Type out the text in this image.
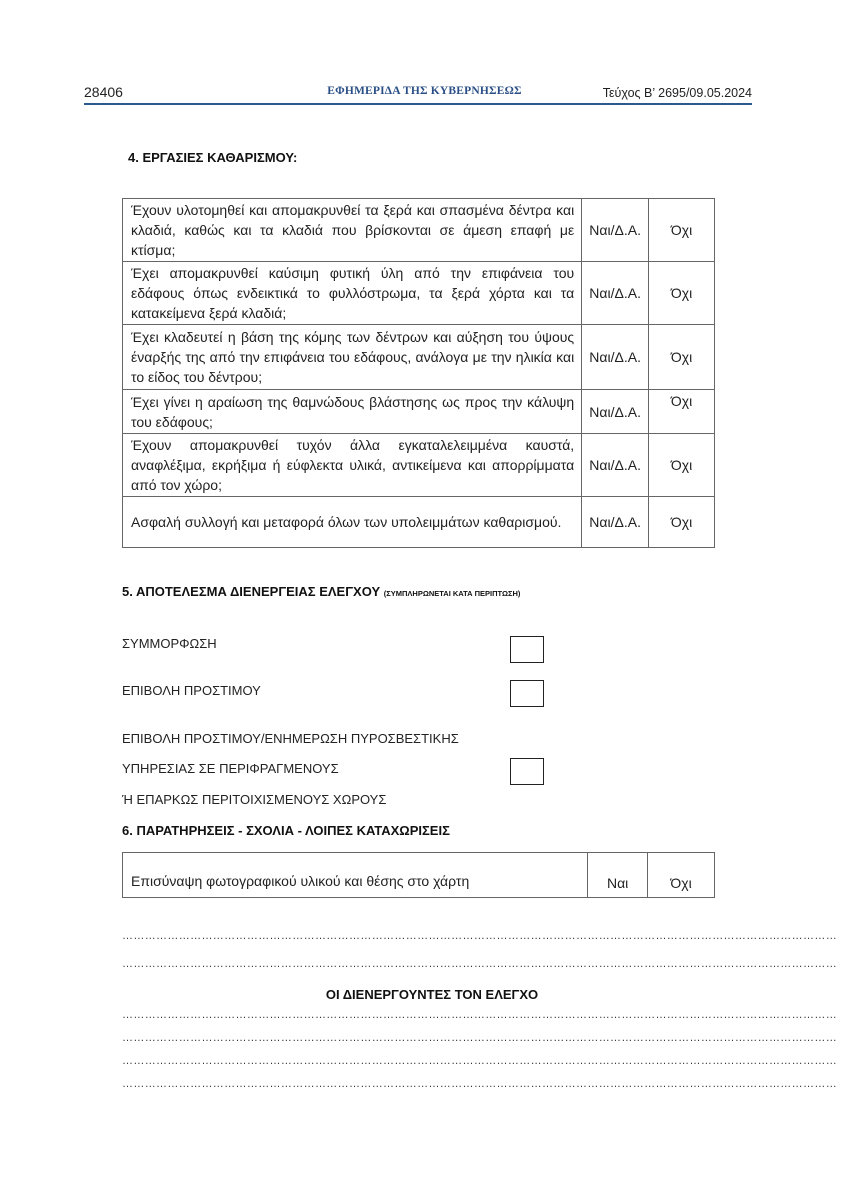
28406	ΕΦΗΜΕΡΙΔΑ ΤΗΣ ΚΥΒΕΡΝΗΣΕΩΣ	Τεύχος Β’ 2695/09.05.2024
4. ΕΡΓΑΣΙΕΣ ΚΑΘΑΡΙΣΜΟΥ:
Έχουν υλοτομηθεί και απομακρυνθεί τα ξερά και σπασμένα δέντρα και κλαδιά, καθώς και τα κλαδιά που βρίσκονται σε άμεση επαφή με κτίσμα;	Ναι/Δ.Α.	Όχι
Έχει απομακρυνθεί καύσιμη φυτική ύλη από την επιφάνεια του εδάφους όπως ενδεικτικά το φυλλόστρωμα, τα ξερά χόρτα και τα κατακείμενα ξερά κλαδιά;	Ναι/Δ.Α.	Όχι
Έχει κλαδευτεί η βάση της κόμης των δέντρων και αύξηση του ύψους έναρξής της από την επιφάνεια του εδάφους, ανάλογα με την ηλικία και το είδος του δέντρου;	Ναι/Δ.Α.	Όχι
Έχει γίνει η αραίωση της θαμνώδους βλάστησης ως προς την κάλυψη του εδάφους;	Ναι/Δ.Α.	Όχι
Έχουν απομακρυνθεί τυχόν άλλα εγκαταλελειμμένα καυστά, αναφλέξιμα, εκρήξιμα ή εύφλεκτα υλικά, αντικείμενα και απορρίμματα από τον χώρο;	Ναι/Δ.Α.	Όχι
Ασφαλή συλλογή και μεταφορά όλων των υπολειμμάτων καθαρισμού.	Ναι/Δ.Α.	Όχι
5. ΑΠΟΤΕΛΕΣΜΑ ΔΙΕΝΕΡΓΕΙΑΣ ΕΛΕΓΧΟΥ (ΣΥΜΠΛΗΡΩΝΕΤΑΙ ΚΑΤΑ ΠΕΡΙΠΤΩΣΗ)
ΣΥΜΜΟΡΦΩΣΗ
ΕΠΙΒΟΛΗ ΠΡΟΣΤΙΜΟΥ
ΕΠΙΒΟΛΗ ΠΡΟΣΤΙΜΟΥ/ΕΝΗΜΕΡΩΣΗ ΠΥΡΟΣΒΕΣΤΙΚΗΣ
ΥΠΗΡΕΣΙΑΣ ΣΕ ΠΕΡΙΦΡΑΓΜΕΝΟΥΣ
Ή ΕΠΑΡΚΩΣ ΠΕΡΙΤΟΙΧΙΣΜΕΝΟΥΣ ΧΩΡΟΥΣ
6. ΠΑΡΑΤΗΡΗΣΕΙΣ - ΣΧΟΛΙΑ - ΛΟΙΠΕΣ ΚΑΤΑΧΩΡΙΣΕΙΣ
Επισύναψη φωτογραφικού υλικού και θέσης στο χάρτη	Ναι	Όχι
………………………………………………………………………………………………………………………………………………………………………
………………………………………………………………………………………………………………………………………………………………………
ΟΙ ΔΙΕΝΕΡΓΟΥΝΤΕΣ ΤΟΝ ΕΛΕΓΧΟ
………………………………………………………………………………………………………………………………………………………………………
………………………………………………………………………………………………………………………………………………………………………
………………………………………………………………………………………………………………………………………………………………………
………………………………………………………………………………………………………………………………………………………………………
